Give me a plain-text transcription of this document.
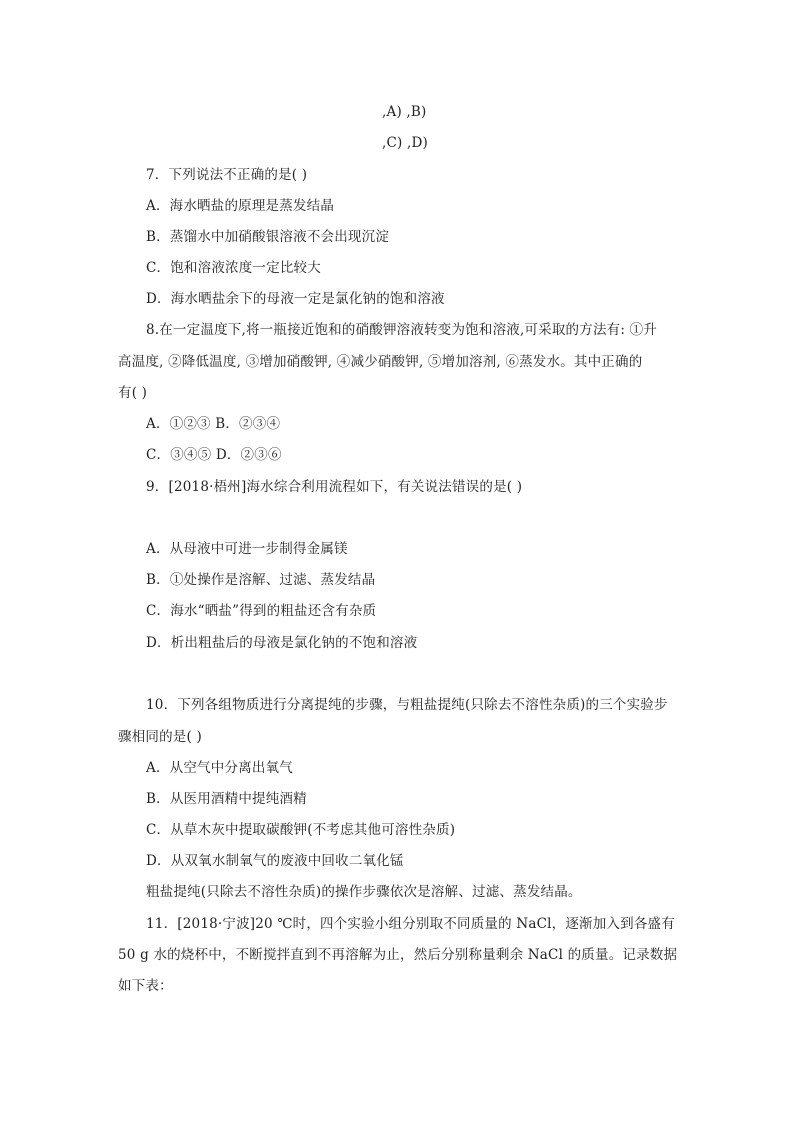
,A) ,B)
,C) ,D)
7．下列说法不正确的是( )
A．海水晒盐的原理是蒸发结晶
B．蒸馏水中加硝酸银溶液不会出现沉淀
C．饱和溶液浓度一定比较大
D．海水晒盐余下的母液一定是氯化钠的饱和溶液
8.在一定温度下,将一瓶接近饱和的硝酸钾溶液转变为饱和溶液,可采取的方法有: ①升
高温度, ②降低温度, ③增加硝酸钾, ④减少硝酸钾, ⑤增加溶剂, ⑥蒸发水。其中正确的
有( )
A．①②③ B．②③④
C．③④⑤ D．②③⑥
9．[2018·梧州]海水综合利用流程如下，有关说法错误的是( )
A．从母液中可进一步制得金属镁
B．①处操作是溶解、过滤、蒸发结晶
C．海水“晒盐”得到的粗盐还含有杂质
D．析出粗盐后的母液是氯化钠的不饱和溶液
10．下列各组物质进行分离提纯的步骤，与粗盐提纯(只除去不溶性杂质)的三个实验步
骤相同的是( )
A．从空气中分离出氧气
B．从医用酒精中提纯酒精
C．从草木灰中提取碳酸钾(不考虑其他可溶性杂质)
D．从双氧水制氧气的废液中回收二氧化锰
粗盐提纯(只除去不溶性杂质)的操作步骤依次是溶解、过滤、蒸发结晶。
11．[2018·宁波]20 ℃时，四个实验小组分别取不同质量的 NaCl，逐渐加入到各盛有
50 g 水的烧杯中，不断搅拌直到不再溶解为止，然后分别称量剩余 NaCl 的质量。记录数据
如下表：
